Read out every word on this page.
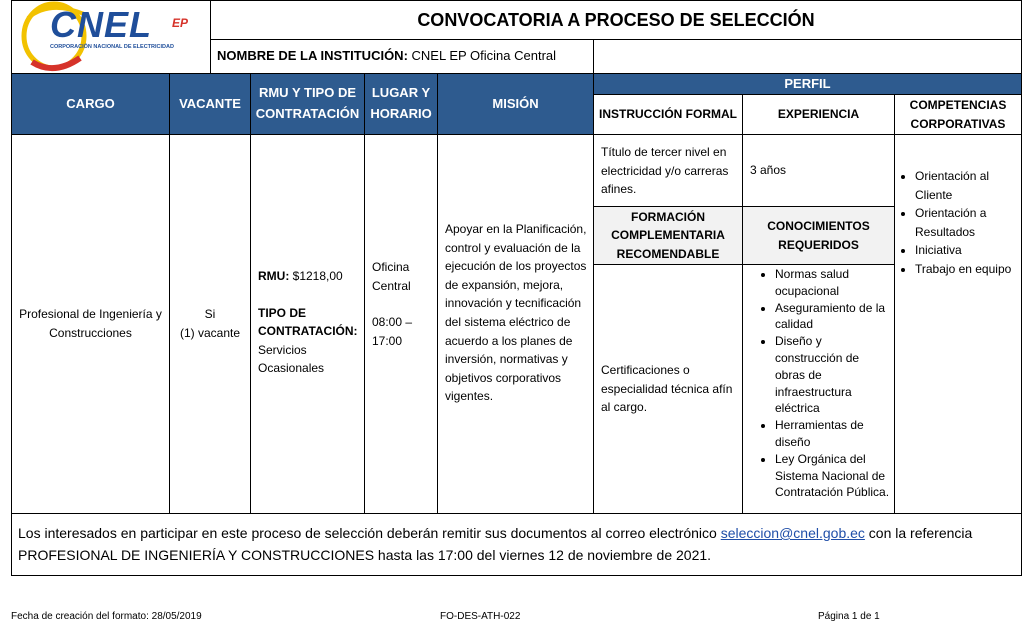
CNEL EP
CORPORACIÓN NACIONAL DE ELECTRICIDAD
CONVOCATORIA A PROCESO DE SELECCIÓN
NOMBRE DE LA INSTITUCIÓN: CNEL EP Oficina Central
CARGO	VACANTE
RMU Y TIPO DE CONTRATACIÓN
LUGAR Y HORARIO
MISIÓN
PERFIL
INSTRUCCIÓN FORMAL	EXPERIENCIA
COMPETENCIAS CORPORATIVAS
Profesional de Ingeniería y Construcciones
Si
(1) vacante
RMU: $1218,00
TIPO DE CONTRATACIÓN:
Servicios Ocasionales
Oficina Central
08:00 – 17:00
Apoyar en la Planificación, control y evaluación de la ejecución de los proyectos de expansión, mejora, innovación y tecnificación del sistema eléctrico de acuerdo a los planes de inversión, normativas y objetivos corporativos vigentes.
Título de tercer nivel en electricidad y/o carreras afines.
3 años
•	Orientación al Cliente
• Orientación a Resultados
• Iniciativa
• Trabajo en equipo
FORMACIÓN COMPLEMENTARIA RECOMENDABLE
CONOCIMIENTOS REQUERIDOS
Certificaciones o especialidad técnica afín al cargo.
• Normas salud ocupacional
• Aseguramiento de la calidad
• Diseño y construcción de obras de infraestructura eléctrica
• Herramientas de diseño
• Ley Orgánica del Sistema Nacional de Contratación Pública.
Los interesados en participar en este proceso de selección deberán remitir sus documentos al correo electrónico seleccion@cnel.gob.ec con la referencia PROFESIONAL DE INGENIERÍA Y CONSTRUCCIONES hasta las 17:00 del viernes 12 de noviembre de 2021.
Fecha de creación del formato: 28/05/2019	FO-DES-ATH-022	Página 1 de 1
